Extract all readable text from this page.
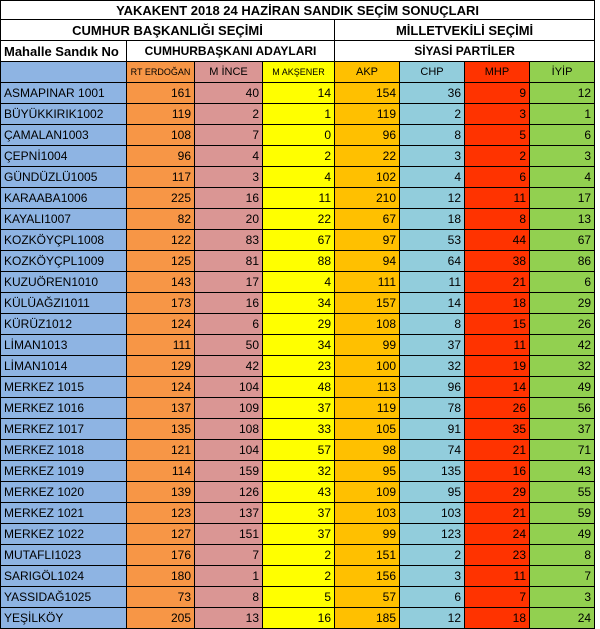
YAKAKENT 2018 24 HAZİRAN SANDIK SEÇİM SONUÇLARI							
CUMHUR BAŞKANLIĞI SEÇİMİ				MİLLETVEKİLİ SEÇİMİ			
Mahalle Sandık No	CUMHURBAŞKANI ADAYLARI			SİYASİ PARTİLER			
	RT ERDOĞAN	M İNCE	M AKŞENER	AKP	CHP	MHP	İYİP
ASMAPINAR 1001	161	40	14	154	36	9	12
BÜYÜKKIRIK1002	119	2	1	119	2	3	1
ÇAMALAN1003	108	7	0	96	8	5	6
ÇEPNİ1004	96	4	2	22	3	2	3
GÜNDÜZLÜ1005	117	3	4	102	4	6	4
KARAABA1006	225	16	11	210	12	11	17
KAYALI1007	82	20	22	67	18	8	13
KOZKÖYÇPL1008	122	83	67	97	53	44	67
KOZKÖYÇPL1009	125	81	88	94	64	38	86
KUZUÖREN1010	143	17	4	111	11	21	6
KÜLÜAĞZI1011	173	16	34	157	14	18	29
KÜRÜZ1012	124	6	29	108	8	15	26
LİMAN1013	111	50	34	99	37	11	42
LİMAN1014	129	42	23	100	32	19	32
MERKEZ 1015	124	104	48	113	96	14	49
MERKEZ 1016	137	109	37	119	78	26	56
MERKEZ 1017	135	108	33	105	91	35	37
MERKEZ 1018	121	104	57	98	74	21	71
MERKEZ 1019	114	159	32	95	135	16	43
MERKEZ 1020	139	126	43	109	95	29	55
MERKEZ 1021	123	137	37	103	103	21	59
MERKEZ 1022	127	151	37	99	123	24	49
MUTAFLI1023	176	7	2	151	2	23	8
SARIGÖL1024	180	1	2	156	3	11	7
YASSIDAĞ1025	73	8	5	57	6	7	3
YEŞİLKÖY	205	13	16	185	12	18	24
